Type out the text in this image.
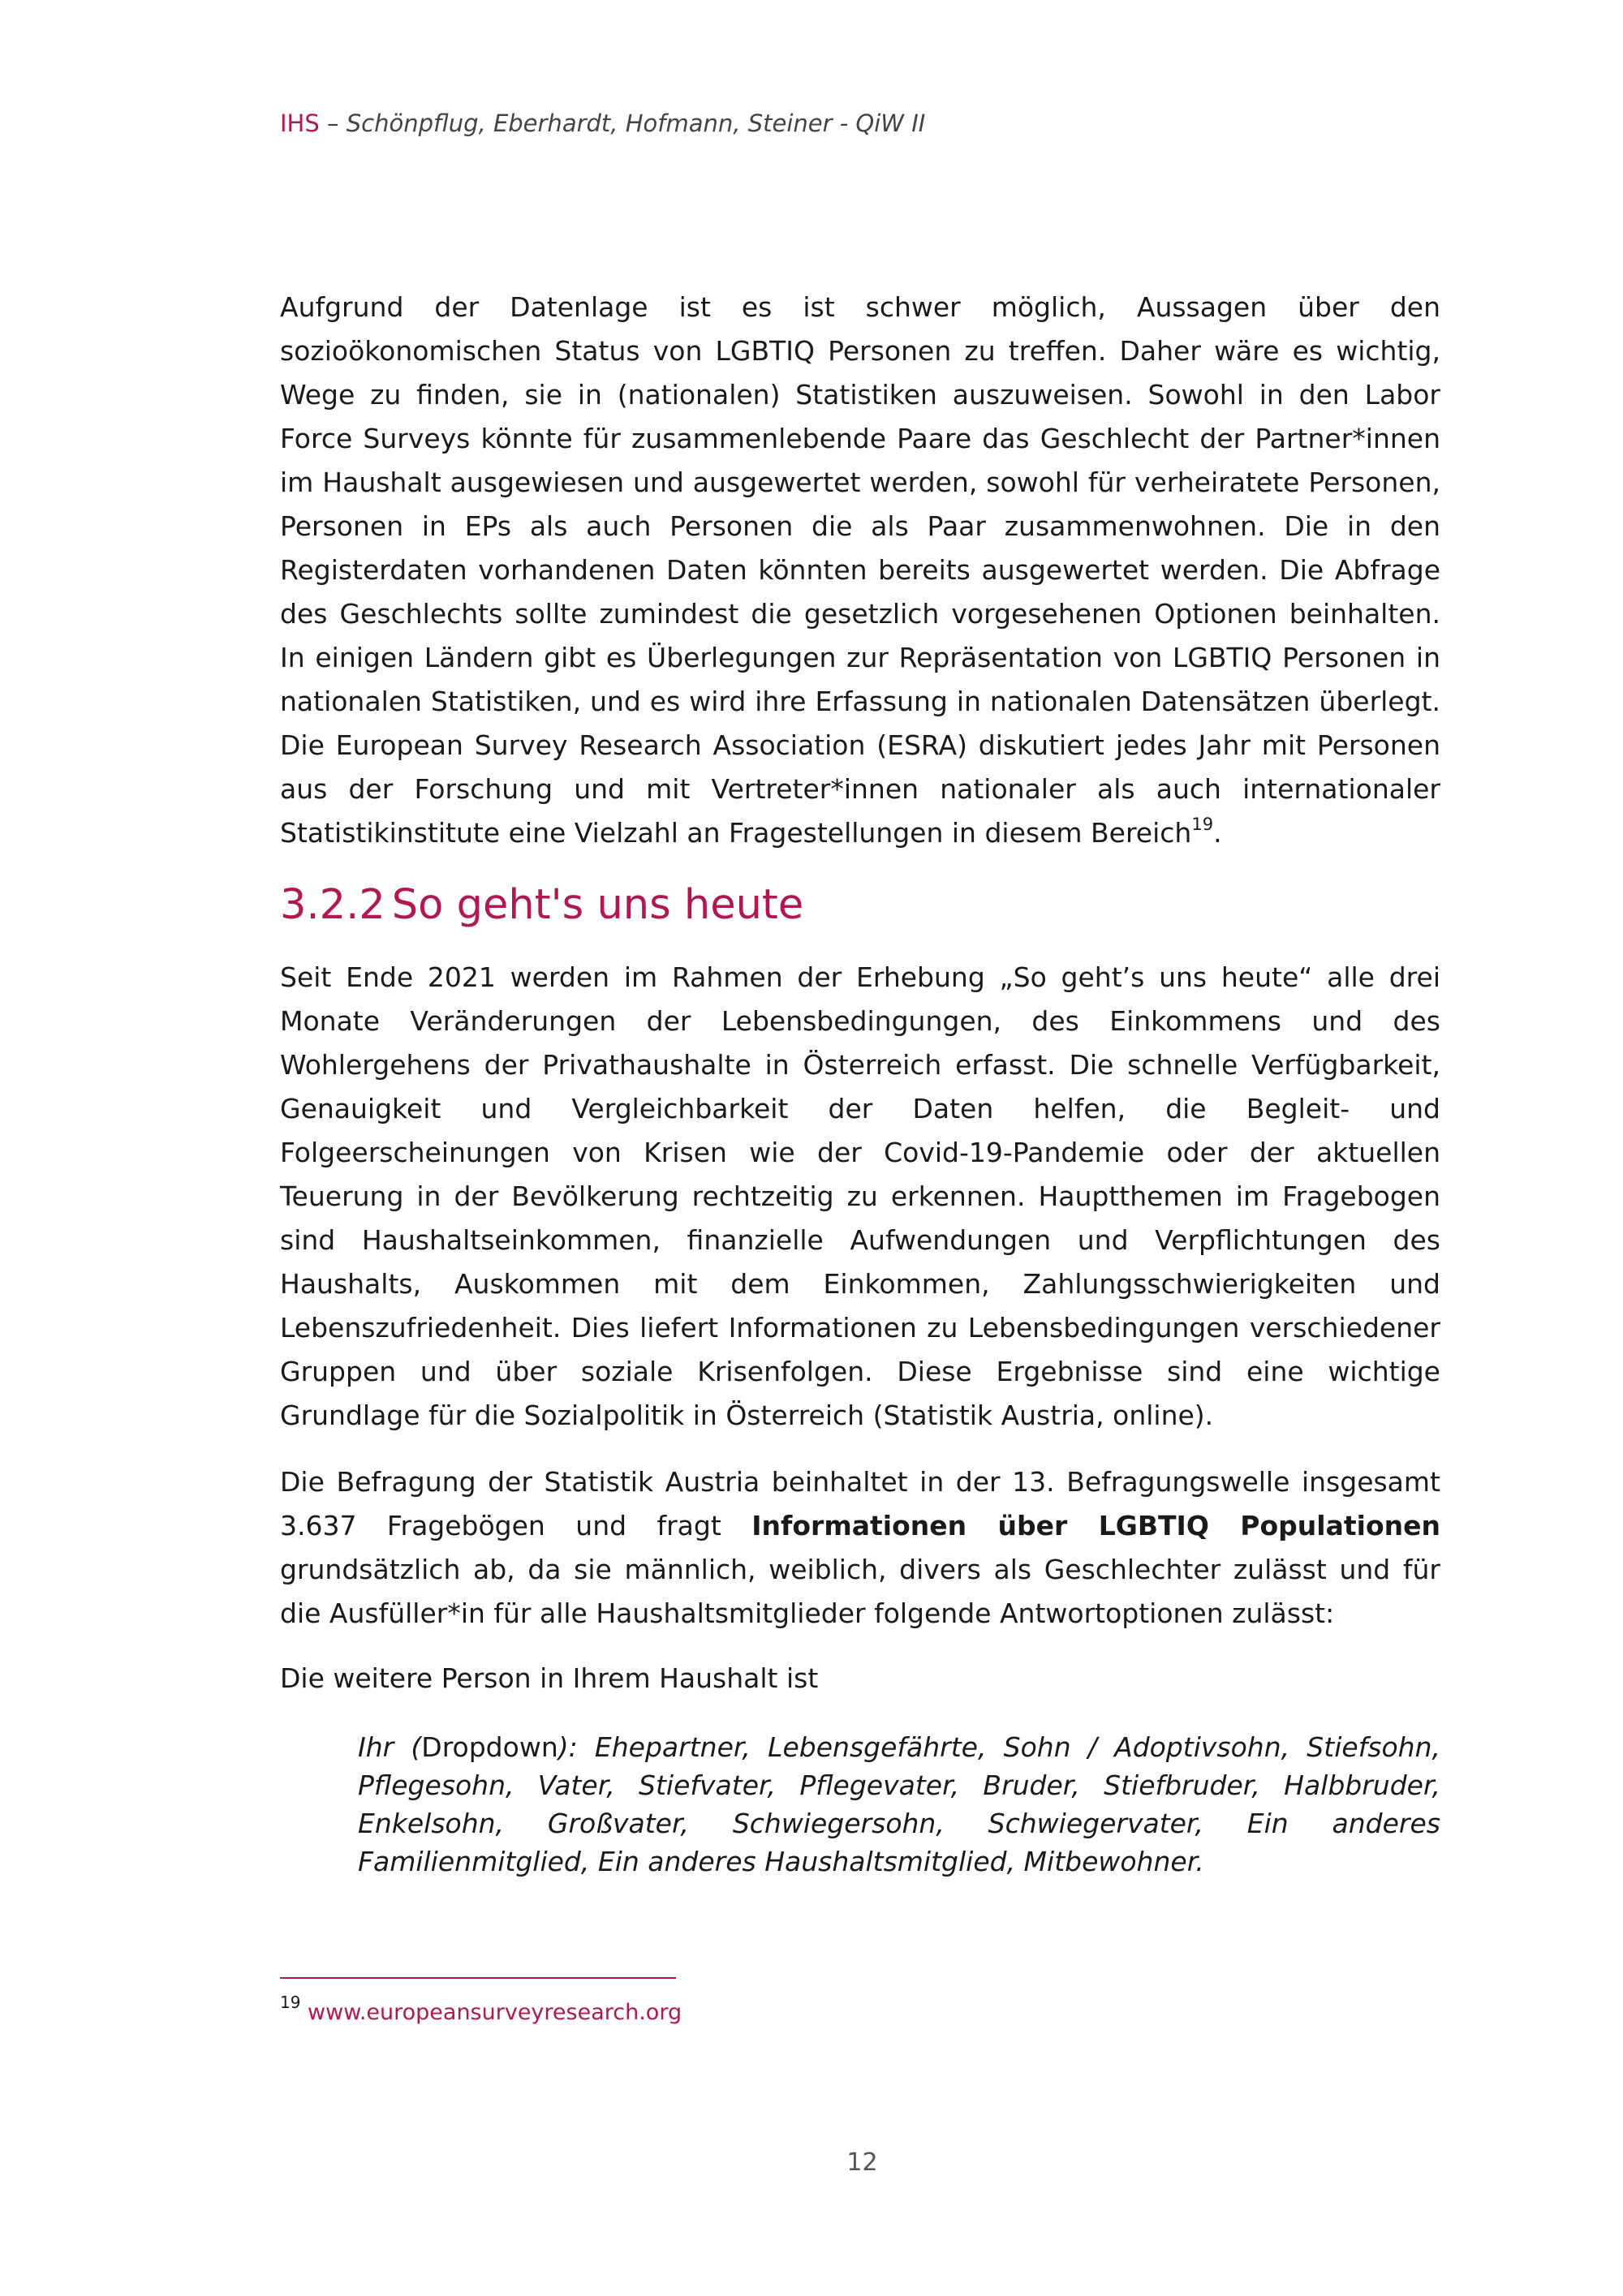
IHS – Schönpflug, Eberhardt, Hofmann, Steiner - QiW II

Aufgrund der Datenlage ist es ist schwer möglich, Aussagen über den sozioökonomischen Status von LGBTIQ Personen zu treffen. Daher wäre es wichtig, Wege zu finden, sie in (nationalen) Statistiken auszuweisen. Sowohl in den Labor Force Surveys könnte für zusammenlebende Paare das Geschlecht der Partner*innen im Haushalt ausgewiesen und ausgewertet werden, sowohl für verheiratete Personen, Personen in EPs als auch Personen die als Paar zusammenwohnen. Die in den Registerdaten vorhandenen Daten könnten bereits ausgewertet werden. Die Abfrage des Geschlechts sollte zumindest die gesetzlich vorgesehenen Optionen beinhalten. In einigen Ländern gibt es Überlegungen zur Repräsentation von LGBTIQ Personen in nationalen Statistiken, und es wird ihre Erfassung in nationalen Datensätzen überlegt. Die European Survey Research Association (ESRA) diskutiert jedes Jahr mit Personen aus der Forschung und mit Vertreter*innen nationaler als auch internationaler Statistikinstitute eine Vielzahl an Fragestellungen in diesem Bereich$^{19}$.

3.2.2 So geht's uns heute

Seit Ende 2021 werden im Rahmen der Erhebung „So geht’s uns heute“ alle drei Monate Veränderungen der Lebensbedingungen, des Einkommens und des Wohlergehens der Privathaushalte in Österreich erfasst. Die schnelle Verfügbarkeit, Genauigkeit und Vergleichbarkeit der Daten helfen, die Begleit- und Folgeerscheinungen von Krisen wie der Covid-19-Pandemie oder der aktuellen Teuerung in der Bevölkerung rechtzeitig zu erkennen. Hauptthemen im Fragebogen sind Haushaltseinkommen, finanzielle Aufwendungen und Verpflichtungen des Haushalts, Auskommen mit dem Einkommen, Zahlungsschwierigkeiten und Lebenszufriedenheit. Dies liefert Informationen zu Lebensbedingungen verschiedener Gruppen und über soziale Krisenfolgen. Diese Ergebnisse sind eine wichtige Grundlage für die Sozialpolitik in Österreich (Statistik Austria, online).

Die Befragung der Statistik Austria beinhaltet in der 13. Befragungswelle insgesamt 3.637 Fragebögen und fragt Informationen über LGBTIQ Populationen grundsätzlich ab, da sie männlich, weiblich, divers als Geschlechter zulässt und für die Ausfüller*in für alle Haushaltsmitglieder folgende Antwortoptionen zulässt:

Die weitere Person in Ihrem Haushalt ist

Ihr (Dropdown): Ehepartner, Lebensgefährte, Sohn / Adoptivsohn, Stiefsohn, Pflegesohn, Vater, Stiefvater, Pflegevater, Bruder, Stiefbruder, Halbbruder, Enkelsohn, Großvater, Schwiegersohn, Schwiegervater, Ein anderes Familienmitglied, Ein anderes Haushaltsmitglied, Mitbewohner.

$^{19}$ www.europeansurveyresearch.org
12
